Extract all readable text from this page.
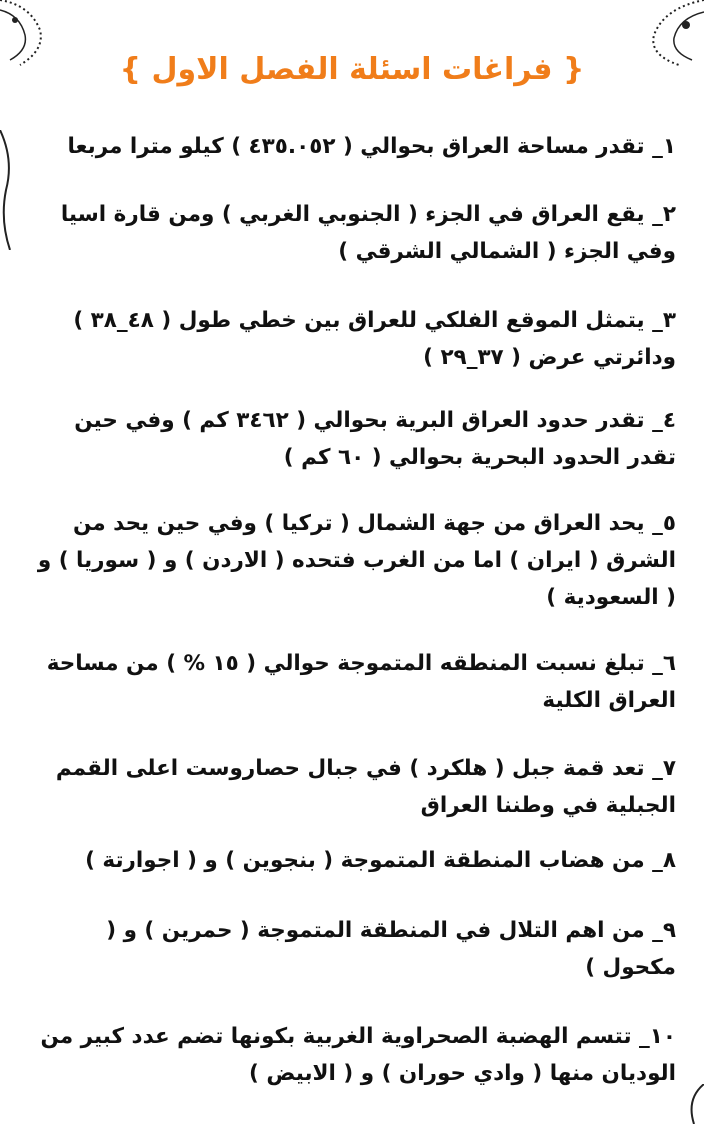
{ فراغات اسئلة الفصل الاول }
١_ تقدر مساحة العراق بحوالي ( ٤٣٥.٠٥٢ ) كيلو مترا مربعا
٢_ يقع العراق في الجزء ( الجنوبي الغربي ) ومن قارة اسيا وفي الجزء ( الشمالي الشرقي )
٣_ يتمثل الموقع الفلكي للعراق بين خطي طول ( ٤٨_٣٨ ) ودائرتي عرض ( ٣٧_٢٩ )
٤_ تقدر حدود العراق البرية بحوالي ( ٣٤٦٢ كم ) وفي حين تقدر الحدود البحرية بحوالي ( ٦٠ كم )
٥_ يحد العراق من جهة الشمال ( تركيا ) وفي حين يحد من الشرق ( ايران ) اما من الغرب فتحده ( الاردن ) و ( سوريا ) و ( السعودية )
٦_ تبلغ نسبت المنطقه المتموجة حوالي ( ١٥ % ) من مساحة العراق الكلية
٧_ تعد قمة جبل ( هلكرد ) في جبال حصاروست اعلى القمم الجبلية في وطننا العراق
٨_ من هضاب المنطقة المتموجة ( بنجوين ) و ( اجوارتة )
٩_ من اهم التلال في المنطقة المتموجة ( حمرين ) و ( مكحول )
١٠_ تتسم الهضبة الصحراوية الغربية بكونها تضم عدد كبير من الوديان منها ( وادي حوران ) و ( الابيض )
